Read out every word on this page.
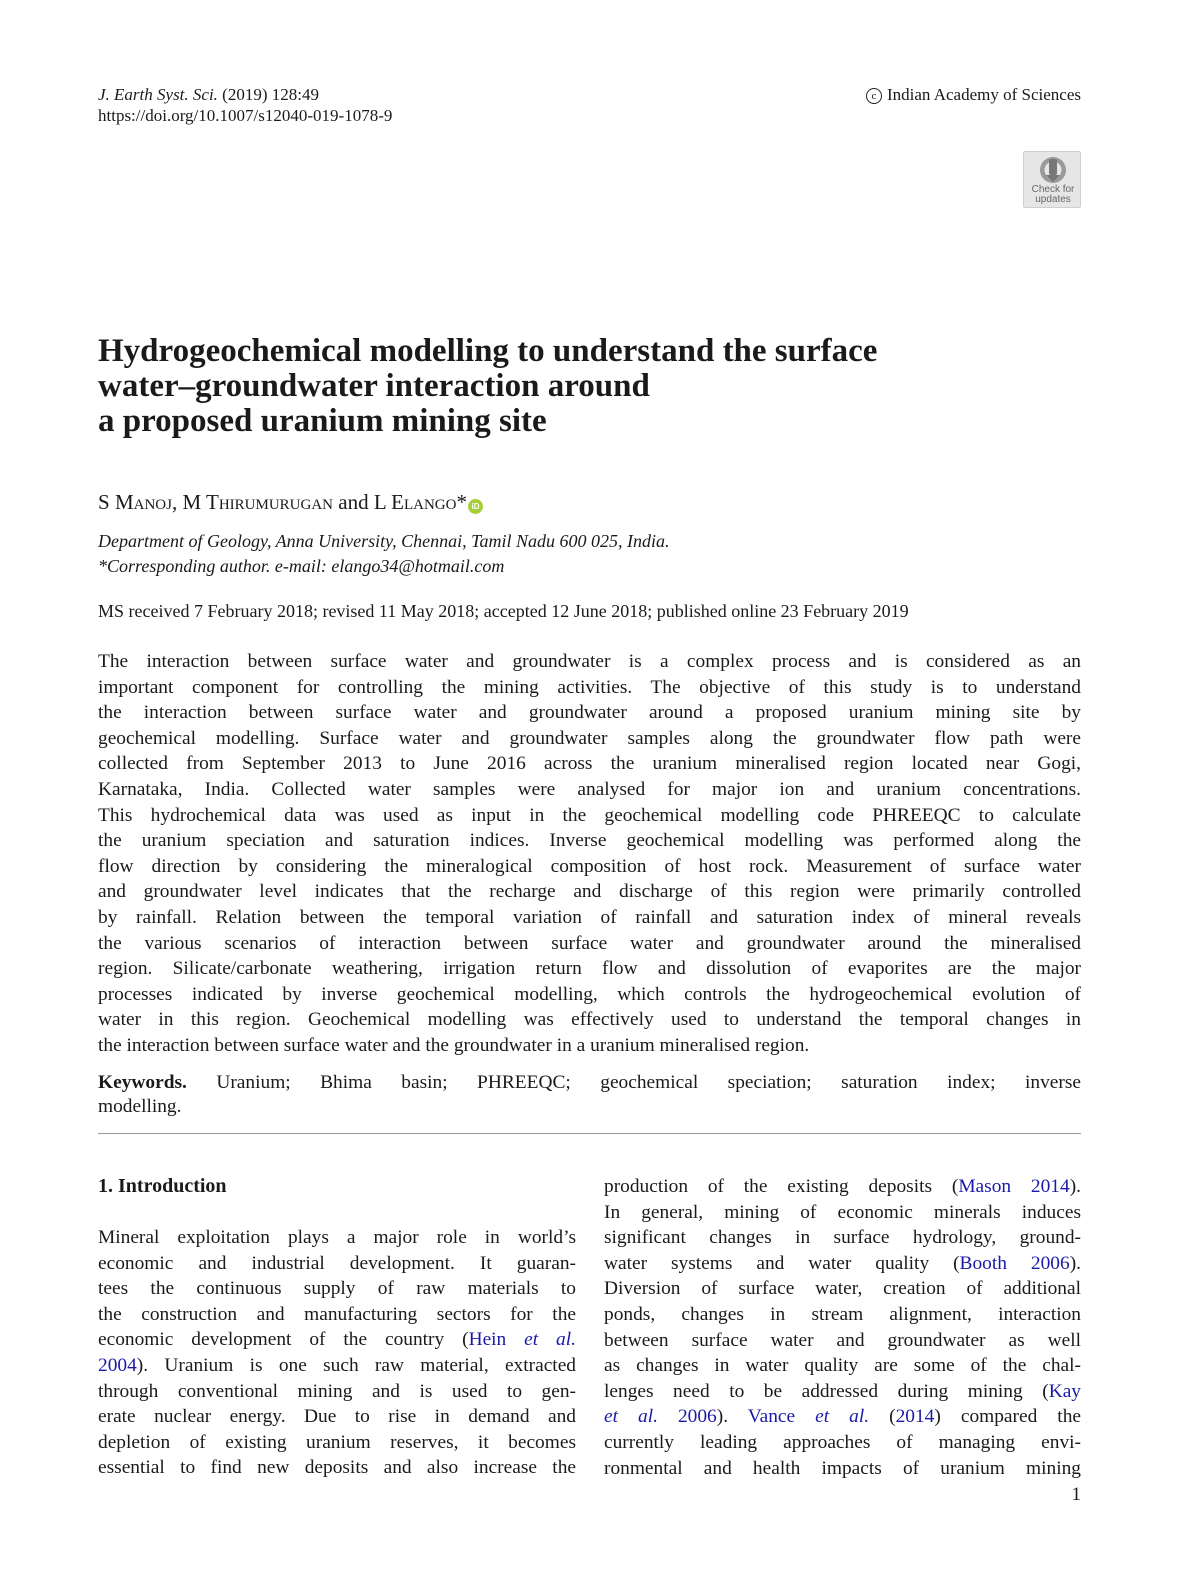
J. Earth Syst. Sci. (2019) 128:49
https://doi.org/10.1007/s12040-019-1078-9
c Indian Academy of Sciences
Check for
updates
Hydrogeochemical modelling to understand the surface
water–groundwater interaction around
a proposed uranium mining site
S Manoj, M Thirumurugan and L Elango* iD
Department of Geology, Anna University, Chennai, Tamil Nadu 600 025, India.
*Corresponding author. e-mail: elango34@hotmail.com
MS received 7 February 2018; revised 11 May 2018; accepted 12 June 2018; published online 23 February 2019

The interaction between surface water and groundwater is a complex process and is considered as an
important component for controlling the mining activities. The objective of this study is to understand
the interaction between surface water and groundwater around a proposed uranium mining site by
geochemical modelling. Surface water and groundwater samples along the groundwater flow path were
collected from September 2013 to June 2016 across the uranium mineralised region located near Gogi,
Karnataka, India. Collected water samples were analysed for major ion and uranium concentrations.
This hydrochemical data was used as input in the geochemical modelling code PHREEQC to calculate
the uranium speciation and saturation indices. Inverse geochemical modelling was performed along the
flow direction by considering the mineralogical composition of host rock. Measurement of surface water
and groundwater level indicates that the recharge and discharge of this region were primarily controlled
by rainfall. Relation between the temporal variation of rainfall and saturation index of mineral reveals
the various scenarios of interaction between surface water and groundwater around the mineralised
region. Silicate/carbonate weathering, irrigation return flow and dissolution of evaporites are the major
processes indicated by inverse geochemical modelling, which controls the hydrogeochemical evolution of
water in this region. Geochemical modelling was effectively used to understand the temporal changes in
the interaction between surface water and the groundwater in a uranium mineralised region.

Keywords. Uranium; Bhima basin; PHREEQC; geochemical speciation; saturation index; inverse
modelling.

1. Introduction
Mineral exploitation plays a major role in world’s
economic and industrial development. It guaran-
tees the continuous supply of raw materials to
the construction and manufacturing sectors for the
economic development of the country (Hein et al.
2004). Uranium is one such raw material, extracted
through conventional mining and is used to gen-
erate nuclear energy. Due to rise in demand and
depletion of existing uranium reserves, it becomes
essential to find new deposits and also increase the
production of the existing deposits (Mason 2014).
In general, mining of economic minerals induces
significant changes in surface hydrology, ground-
water systems and water quality (Booth 2006).
Diversion of surface water, creation of additional
ponds, changes in stream alignment, interaction
between surface water and groundwater as well
as changes in water quality are some of the chal-
lenges need to be addressed during mining (Kay
et al. 2006). Vance et al. (2014) compared the
currently leading approaches of managing envi-
ronmental and health impacts of uranium mining
1
